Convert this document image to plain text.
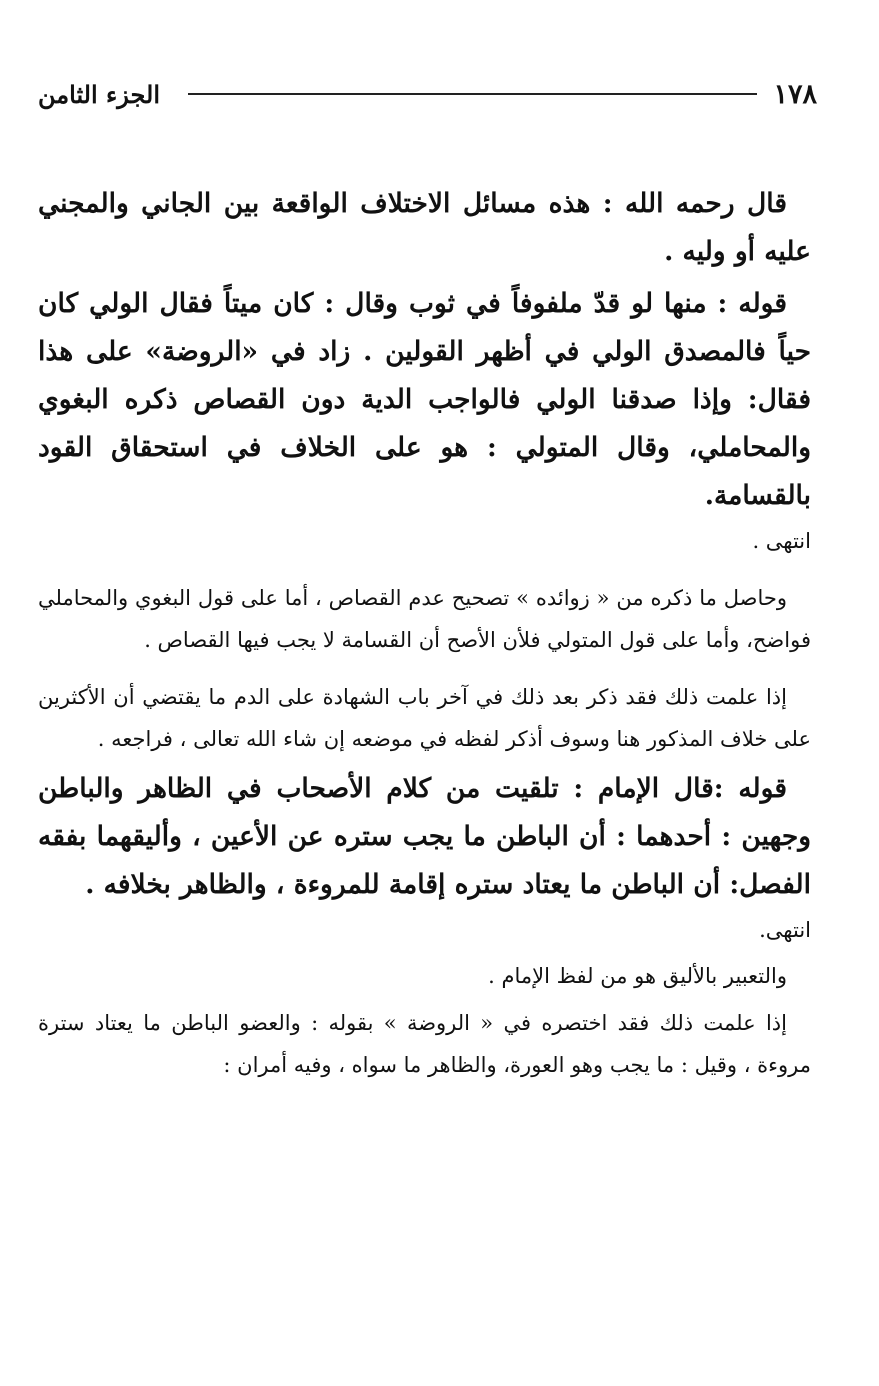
١٧٨
الجزء الثامن

قال رحمه الله : هذه مسائل الاختلاف الواقعة بين الجاني والمجني عليه أو وليه .

قوله : منها لو قدّ ملفوفاً في ثوب وقال : كان ميتاً فقال الولي كان حياً فالمصدق الولي في أظهر القولين . زاد في «الروضة» على هذا فقال: وإذا صدقنا الولي فالواجب الدية دون القصاص ذكره البغوي والمحاملي، وقال المتولي : هو على الخلاف في استحقاق القود بالقسامة.

انتهى .

وحاصل ما ذكره من « زوائده » تصحيح عدم القصاص ، أما على قول البغوي والمحاملي فواضح، وأما على قول المتولي فلأن الأصح أن القسامة لا يجب فيها القصاص .

إذا علمت ذلك فقد ذكر بعد ذلك في آخر باب الشهادة على الدم ما يقتضي أن الأكثرين على خلاف المذكور هنا وسوف أذكر لفظه في موضعه إن شاء الله تعالى ، فراجعه .

قوله :قال الإمام : تلقيت من كلام الأصحاب في الظاهر والباطن وجهين : أحدهما : أن الباطن ما يجب ستره عن الأعين ، وأليقهما بفقه الفصل: أن الباطن ما يعتاد ستره إقامة للمروءة ، والظاهر بخلافه .

انتهى.

والتعبير بالأليق هو من لفظ الإمام .

إذا علمت ذلك فقد اختصره في « الروضة » بقوله : والعضو الباطن ما يعتاد سترة مروءة ، وقيل : ما يجب وهو العورة، والظاهر ما سواه ، وفيه أمران :
